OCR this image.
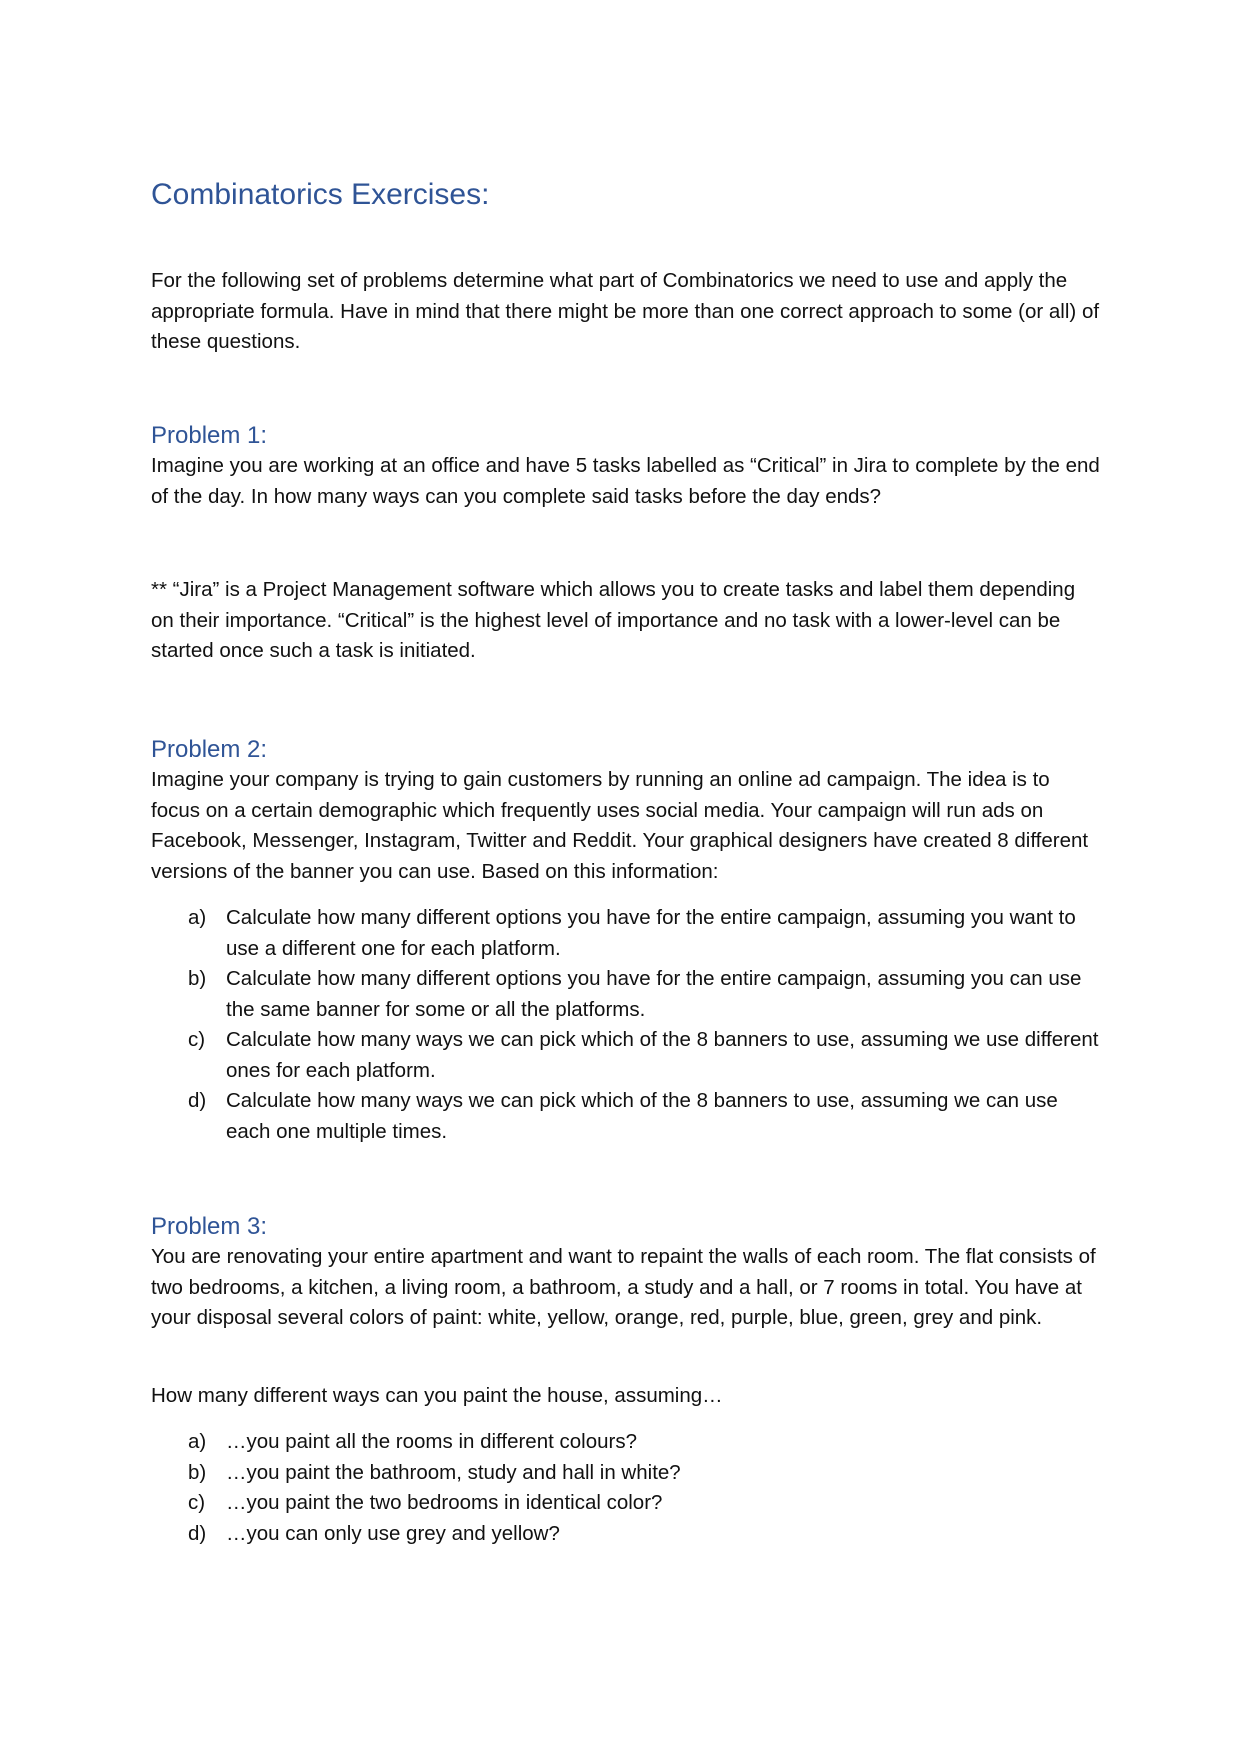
Combinatorics Exercises:

For the following set of problems determine what part of Combinatorics we need to use and apply the appropriate formula. Have in mind that there might be more than one correct approach to some (or all) of these questions.

Problem 1:

Imagine you are working at an office and have 5 tasks labelled as “Critical” in Jira to complete by the end of the day. In how many ways can you complete said tasks before the day ends?

** “Jira” is a Project Management software which allows you to create tasks and label them depending on their importance. “Critical” is the highest level of importance and no task with a lower-level can be started once such a task is initiated.

Problem 2:

Imagine your company is trying to gain customers by running an online ad campaign. The idea is to focus on a certain demographic which frequently uses social media. Your campaign will run ads on Facebook, Messenger, Instagram, Twitter and Reddit. Your graphical designers have created 8 different versions of the banner you can use. Based on this information:

a) Calculate how many different options you have for the entire campaign, assuming you want to use a different one for each platform.
b) Calculate how many different options you have for the entire campaign, assuming you can use the same banner for some or all the platforms.
c) Calculate how many ways we can pick which of the 8 banners to use, assuming we use different ones for each platform.
d) Calculate how many ways we can pick which of the 8 banners to use, assuming we can use each one multiple times.
Problem 3:

You are renovating your entire apartment and want to repaint the walls of each room. The flat consists of two bedrooms, a kitchen, a living room, a bathroom, a study and a hall, or 7 rooms in total. You have at your disposal several colors of paint: white, yellow, orange, red, purple, blue, green, grey and pink.

How many different ways can you paint the house, assuming…

a) …you paint all the rooms in different colours?
b) …you paint the bathroom, study and hall in white?
c) …you paint the two bedrooms in identical color?
d) …you can only use grey and yellow?
